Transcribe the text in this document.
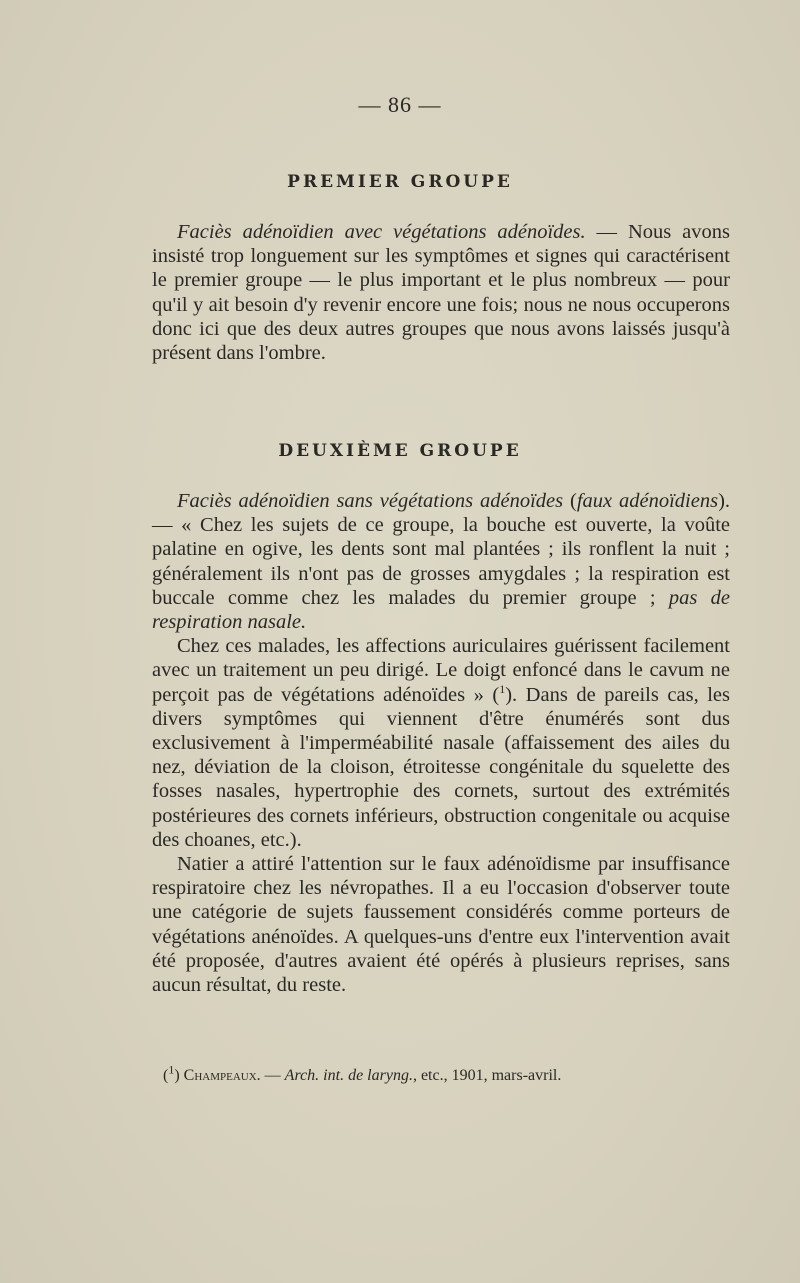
— 86 —
PREMIER GROUPE

Faciès adénoïdien avec végétations adénoïdes. — Nous avons insisté trop longuement sur les symptômes et signes qui caractérisent le premier groupe — le plus important et le plus nombreux — pour qu'il y ait besoin d'y revenir encore une fois; nous ne nous occuperons donc ici que des deux autres groupes que nous avons laissés jusqu'à présent dans l'ombre.

DEUXIÈME GROUPE

Faciès adénoïdien sans végétations adénoïdes (faux adénoïdiens).— « Chez les sujets de ce groupe, la bouche est ouverte, la voûte palatine en ogive, les dents sont mal plantées ; ils ronflent la nuit ; généralement ils n'ont pas de grosses amygdales ; la respiration est buccale comme chez les malades du premier groupe ; pas de respiration nasale.

Chez ces malades, les affections auriculaires guérissent facilement avec un traitement un peu dirigé. Le doigt enfoncé dans le cavum ne perçoit pas de végétations adénoïdes » ($^1$). Dans de pareils cas, les divers symptômes qui viennent d'être énumérés sont dus exclusivement à l'imperméabilité nasale (affaissement des ailes du nez, déviation de la cloison, étroitesse congénitale du squelette des fosses nasales, hypertrophie des cornets, surtout des extrémités postérieures des cornets inférieurs, obstruction congenitale ou acquise des choanes, etc.).

Natier a attiré l'attention sur le faux adénoïdisme par insuffisance respiratoire chez les névropathes. Il a eu l'occasion d'observer toute une catégorie de sujets faussement considérés comme porteurs de végétations anénoïdes. A quelques-uns d'entre eux l'intervention avait été proposée, d'autres avaient été opérés à plusieurs reprises, sans aucun résultat, du reste.

($^1$) Champeaux. — Arch. int. de laryng., etc., 1901, mars-avril.
